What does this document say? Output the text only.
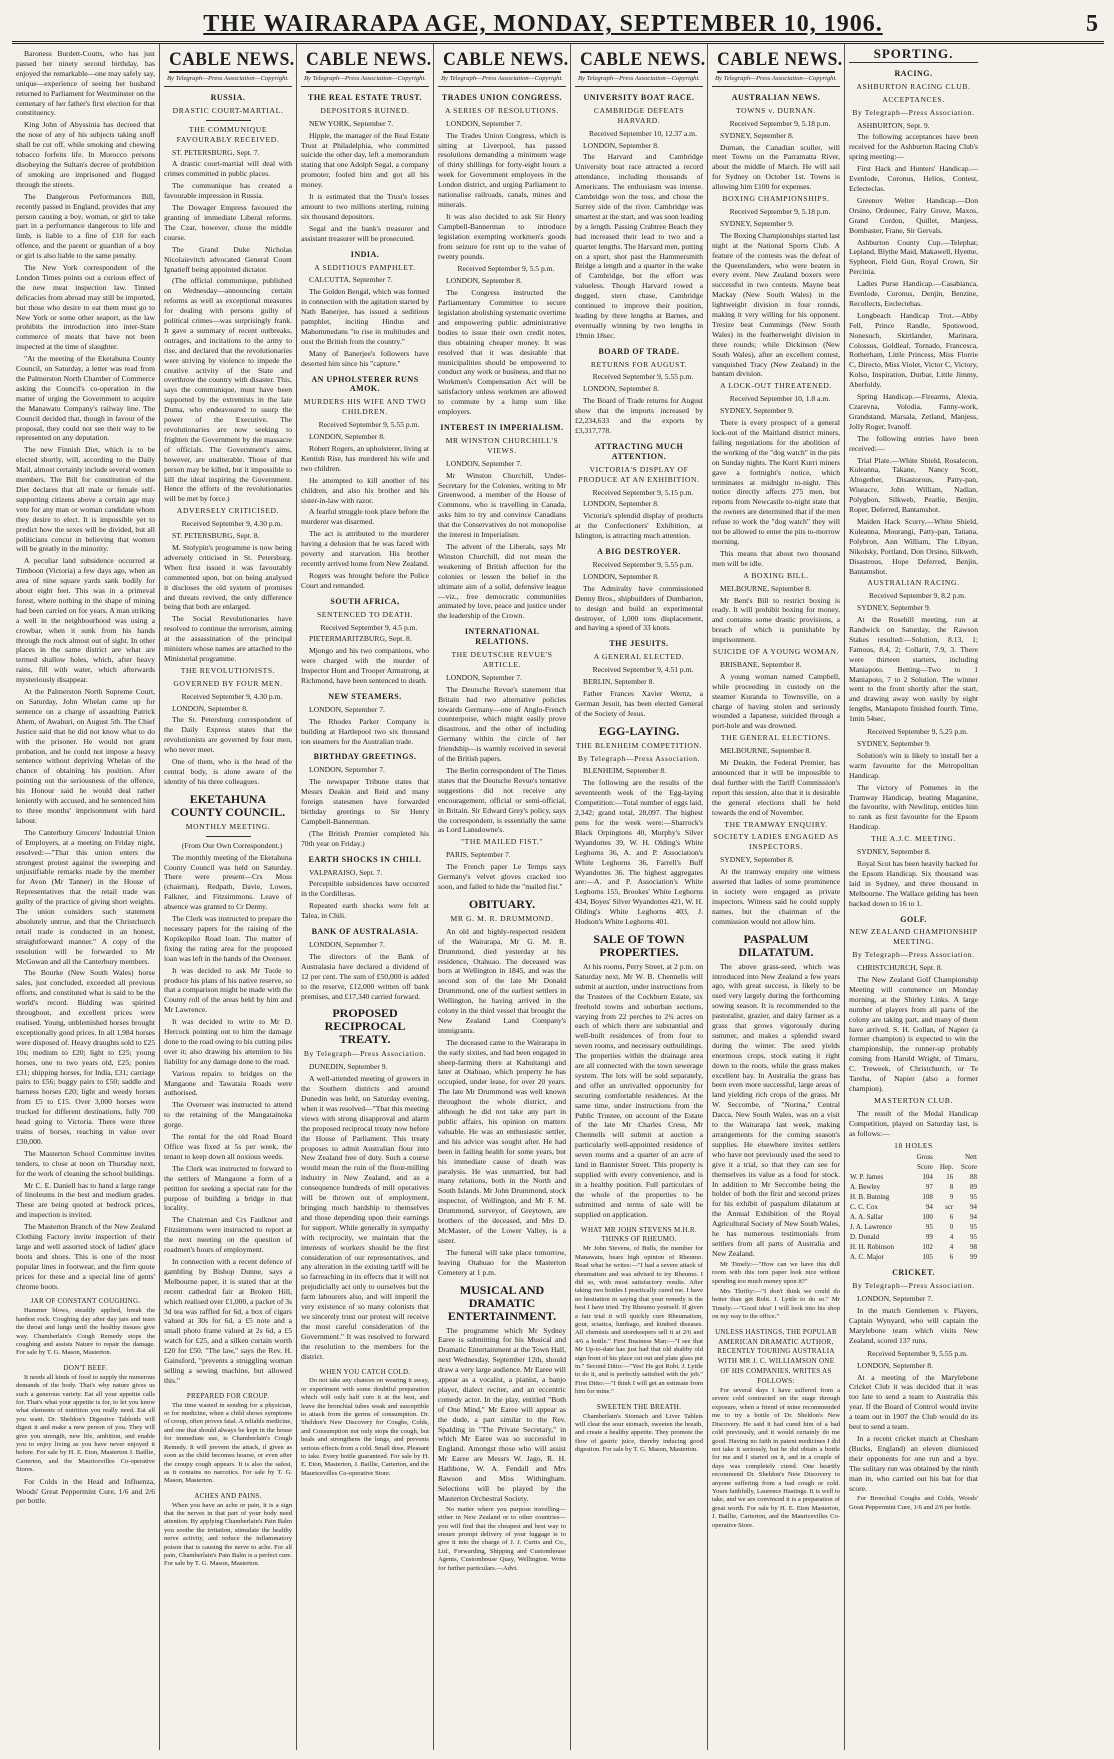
THE WAIRARAPA AGE, MONDAY, SEPTEMBER 10, 1906.	5

Baroness Burdett-Coutts, who has just passed her ninety second birthday, has enjoyed the remarkable—one may safely say, unique—experience of seeing her husband returned to Parliament for Westminster on the centenary of her father's first election for that constituency.

King John of Abyssinia has decreed that the nose of any of his subjects taking snuff shall be cut off, while smoking and chewing tobacco forfeits life. In Morocco persons disobeying the Sultan's decree of prohibition of smoking are imprisoned and flogged through the streets.

The Dangerous Performances Bill, recently passed in England, provides that any person causing a boy, woman, or girl to take part in a performance dangerous to life and limb, is liable to a fine of £10 for each offence, and the parent or guardian of a boy or girl is also liable to the same penalty.

The New York correspondent of the London Times points out a curious effect of the new meat inspection law. Tinned delicacies from abroad may still be imported, but those who desire to eat them must go to New York or some other seaport, as the law prohibits the introduction into inter-State commerce of meats that have not been inspected at the time of slaughter.

"At the meeting of the Eketahuna County Council, on Saturday, a letter was read from the Palmerston North Chamber of Commerce asking the Council's co-operation in the matter of urging the Government to acquire the Manawatu Company's railway line. The Council decided that, though in favour of the proposal, they could not see their way to be represented on any deputation.

The new Finnish Diet, which is to be elected shortly, will, according to the Daily Mail, almost certainly include several women members. The Bill for constitution of the Diet declares that all male or female self-supporting citizens above a certain age may vote for any man or woman candidate whom they desire to elect. It is impossible yet to predict how the sexes will be divided, but all politicians concur in believing that women will be greatly in the minority.

A peculiar land subsidence occurred at Timboon (Victoria) a few days ago, when an area of nine square yards sank bodily for about eight feet. This was in a primeval forest, where nothing in the shape of mining had been carried on for years. A man striking a well in the neighbourhood was using a crowbar, when it sunk from his hands through the rock almost out of sight. In other places in the same district are what are termed shallow holes, which, after heavy rains, fill with water, which afterwards mysteriously disappear.

At the Palmerston North Supreme Court, on Saturday, John Whelan came up for sentence on a charge of assaulting Patrick Ahem, of Awahuri, on August 5th. The Chief Justice said that he did not know what to do with the prisoner. He would not grant probation, and he could not impose a heavy sentence without depriving Whelan of the chance of obtaining his position. After pointing out the seriousness of the offence, his Honour said he would deal rather leniently with accused, and he sentenced him to three months' imprisonment with hard labour.

The Canterbury Grocers' Industrial Union of Employers, at a meeting on Friday night, resolved:—"That this union enters the strongest protest against the sweeping and unjustifiable remarks made by the member for Avon (Mr Tanner) in the House of Representatives that the retail trade was guilty of the practice of giving short weights. The union considers such statement absolutely untrue, and that the Christchurch retail trade is conducted in an honest, straightforward manner." A copy of the resolution will be forwarded to Mr McGowan and all the Canterbury members.

The Bourke (New South Wales) horse sales, just concluded, exceeded all previous efforts, and constituted what is said to be the world's record. Bidding was spirited throughout, and excellent prices were realised. Young, unblemished horses brought exceptionally good prices. In all 1,984 horses were disposed of. Heavy draughts sold to £25 10s; medium to £20; light to £25; young horses, one to two years old, £25; ponies £31; shipping horses, for India, £31; carriage pairs to £56; buggy pairs to £50; saddle and harness horses £20; light and weedy horses from £5 to £15. Over 3,000 horses were trucked for different destinations, fully 700 head going to Victoria. There were three trains of horses, reaching in value over £30,000.

The Masterton School Committee invites tenders, to close at noon on Thursday next, for the work of cleaning the school buildings.

Mr C. E. Daniell has to hand a large range of linoleums in the best and medium grades. These are being quoted at bedrock prices, and inspection is invited.

The Masterton Branch of the New Zealand Clothing Factory invite inspection of their large and well assorted stock of ladies' glace boots and shoes. This is one of the most popular lines in footwear, and the firm quote prices for these and a special line of gents' chrome boots.

JAR OF CONSTANT COUGHING.

Hammer blows, steadily applied, break the hardest rock. Coughing day after day jars and tears the throat and lungs until the healthy tissues give way. Chamberlain's Cough Remedy stops the coughing and assists Nature to repair the damage. For sale by T. G. Mason, Masterton.

DON'T BEEF.

It needs all kinds of food to supply the numerous demands of the body. That's why nature gives us such a generous variety. Eat all your appetite calls for. That's what your appetite is for, to let you know what elements of nutrition you really need. Eat all you want. Dr. Sheldon's Digestive Tabloids will digest it and make a new person of you. They will give you strength, new life, ambition, and enable you to enjoy living as you have never enjoyed it before. For sale by H. E. Eton, Masterton J. Baillie, Carterton, and the Mauricevilles Co-operative Stores.

For Colds in the Head and Influenza, Woods' Great Peppermint Cure, 1/6 and 2/6 per bottle.

CABLE NEWS.
By Telegraph—Press Association—Copyright.
RUSSIA.
DRASTIC COURT-MARTIAL.
THE COMMUNIQUE FAVOURABLY RECEIVED.

ST. PETERSBURG, Sept. 7.

A drastic court-martial will deal with crimes committed in public places.

The communique has created a favourable impression in Russia.

The Dowager Empress favoured the granting of immediate Liberal reforms. The Czar, however, chose the middle course.

The Grand Duke Nicholas Nicolaievitch advocated General Count Ignatieff being appointed dictator.

(The official communique, published on Wednesday—announcing certain reforms as well as exceptional measures for dealing with persons guilty of political crimes—was surprisingly frank. It gave a summary of recent outbreaks, outrages, and incitations to the army to rise, and declared that the revolutionaries were striving by violence to impede the creative activity of the State and overthrow the country with disaster. This, says the communique, must have been supported by the extremists in the late Duma, who endeavoured to usurp the power of the Executive. The revolutionaries are now seeking to frighten the Government by the massacre of officials. The Government's aims, however, are unalterable. Those of that person may be killed, but it impossible to kill the ideal inspiring the Government. Hence the efforts of the revolutionaries will be met by force.)

ADVERSELY CRITICISED.

Received September 9, 4.30 p.m.

ST. PETERSBURG, Sept. 8.

M. Stolypin's programme is now being adversely criticised in St. Petersburg. When first issued it was favourably commented upon, but on being analysed it discloses the old system of promises and threats revived, the only difference being that both are enlarged.

The Social Revolutionaries have resolved to continue the terrorism, aiming at the assassination of the principal ministers whose names are attached to the Ministerial programme.

THE REVOLUTIONISTS.
GOVERNED BY FOUR MEN.

Received September 9, 4.30 p.m.

LONDON, September 8.

The St. Petersburg correspondent of the Daily Express states that the revolutionists are governed by four men, who never meet.

One of them, who is the head of the central body, is alone aware of the identity of his three colleagues.

EKETAHUNA COUNTY COUNCIL.
MONTHLY MEETING.

(From Our Own Correspondent.)

The monthly meeting of the Eketahuna County Council was held on Saturday. There were present—Crs Moss (chairman), Redpath, Davie, Lowes, Falkner, and Fitzsimmons. Leave of absence was granted to Cr Denny.

The Clerk was instructed to prepare the necessary papers for the raising of the Kopikopiko Road loan. The matter of fixing the rating area for the proposed loan was left in the hands of the Overseer.

It was decided to ask Mr Toole to produce his plans of his native reserve, so that a comparison might be made with the County roll of the areas held by him and Mr Lawrence.

It was decided to write to Mr D. Hercock pointing out to him the damage done to the road owing to his cutting piles over it; also drawing his attention to his liability for any damage done to the road.

Various repairs to bridges on the Mangaone and Tawataia Roads were authorised.

The Overseer was instructed to attend to the retaining of the Mangatainoka gorge.

The rental for the old Road Board Office was fixed at 5s per week, the tenant to keep down all noxious weeds.

The Clerk was instructed to forward to the settlers of Mangaone a form of a petition for seeking a special rate for the purpose of building a bridge in that locality.

The Chairman and Crs Faulkner and Fitzsimmons were instructed to report at the next meeting on the question of roadmen's hours of employment.

In connection with a recent defence of gambling by Bishop Dunne, says a Melbourne paper, it is stated that at the recent cathedral fair at Broken Hill, which realised over £1,000, a packet of 3s 3d tea was raffled for 6d, a box of cigars valued at 30s for 6d, a £5 note and a small photo frame valued at 2s 6d, a £5 watch for £25, and a silken curtain worth £20 for £50. "The law," says the Rev. H. Gainsford, "prevents a struggling woman selling a sewing machine, but allowed this."

PREPARED FOR CROUP.

The time wasted in sending for a physician, or for medicine, when a child shows symptoms of croup, often proves fatal. A reliable medicine, and one that should always be kept in the house for immediate use, is Chamberlain's Cough Remedy. It will prevent the attack, if given as soon as the child becomes hoarse, or even after the croupy cough appears. It is also the safest, as it contains no narcotics. For sale by T. G. Mason, Masterton.

ACHES AND PAINS.

When you have an ache or pain, it is a sign that the nerves in that part of your body need attention. By applying Chamberlain's Pain Balm you soothe the irritation, stimulate the healthy nerve activity, and reduce the inflammatory poison that is causing the nerve to ache. For all pain, Chamberlain's Pain Balm is a perfect cure. For sale by T. G. Mason, Masterton.

CABLE NEWS.
By Telegraph—Press Association—Copyright.
THE REAL ESTATE TRUST.
DEPOSITORS RUINED.

NEW YORK, September 7.

Hipple, the manager of the Real Estate Trust at Philadelphia, who committed suicide the other day, left a memorandum stating that one Adolph Segal, a company promoter, fooled him and got all his money.

It is estimated that the Trust's losses amount to two millions sterling, ruining six thousand depositors.

Segal and the bank's treasurer and assistant treasurer will be prosecuted.

INDIA.
A SEDITIOUS PAMPHLET.

CALCUTTA, September 7.

The Golden Bengal, which was formed in connection with the agitation started by Nath Banerjee, has issued a seditious pamphlet, inciting Hindus and Mahommedans "to rise in multitudes and oust the British from the country."

Many of Banerjee's followers have deserted him since his "capture."

AN UPHOLSTERER RUNS AMOK.
MURDERS HIS WIFE AND TWO CHILDREN.

Received September 9, 5.55 p.m.

LONDON, September 8.

Robert Rogers, an upholsterer, living at Kentish Rise, has murdered his wife and two children.

He attempted to kill another of his children, and also his brother and his sister-in-law with razor.

A fearful struggle took place before the murderer was disarmed.

The act is attributed to the murderer having a delusion that he was faced with poverty and starvation. His brother recently arrived home from New Zealand.

Rogers was brought before the Police Court and remanded.

SOUTH AFRICA,
SENTENCED TO DEATH.

Received September 9, 4.5 p.m.

PIETERMARITZBURG, Sept. 8.

Mjongo and his two companions, who were charged with the murder of Inspector Hunt and Trooper Armstrong, at Richmond, have been sentenced to death.

NEW STEAMERS.

LONDON, September 7.

The Rhodes Parker Company is building at Hartlepool two six thousand ton steamers for the Australian trade.

BIRTHDAY GREETINGS.

LONDON, September 7.

The newspaper Tribune states that Messrs Deakin and Reid and many foreign statesmen have forwarded birthday greetings to Sir Henry Campbell-Bannerman.

(The British Premier completed his 70th year on Friday.)

EARTH SHOCKS IN CHILI.

VALPARAISO, Sept. 7.

Perceptible subsidences have occurred in the Cordilleras.

Repeated earth shocks were felt at Talea, in Chili.

BANK OF AUSTRALASIA.

LONDON, September 7.

The directors of the Bank of Australasia have declared a dividend of 12 per cent. The sum of £50,000 is added to the reserve, £12,000 written off bank premises, and £17,340 carried forward.

PROPOSED RECIPROCAL TREATY.
By Telegraph—Press Association.

DUNEDIN, September 9.

A well-attended meeting of growers in the Southern districts and around Dunedin was held, on Saturday evening, when it was resolved—"That this meeting views with strong disapproval and alarm the proposed reciprocal treaty now before the House of Parliament. This treaty proposes to admit Australian flour into New Zealand free of duty. Such a course would mean the ruin of the flour-milling industry in New Zealand, and as a consequence hundreds of mill operatives will be thrown out of employment, bringing much hardship to themselves and those depending upon their earnings for support. While generally in sympathy with reciprocity, we maintain that the interests of workers should be the first consideration of our representatives, and any alteration in the existing tariff will be so farreaching in its effects that it will not prejudicially act only to ourselves but the farm labourers also, and will imperil the very existence of so many colonists that we sincerely trust our protest will receive the most careful consideration of the Government." It was resolved to forward the resolution to the members for the district.

WHEN YOU CATCH COLD.

Do not take any chances on wearing it away, or experiment with some doubtful preparation which will only half cure it at the best, and leave the bronchial tubes weak and susceptible to attack from the germs of consumption. Dr. Sheldon's New Discovery for Coughs, Colds, and Consumption not only stops the cough, but heals and strengthens the lungs, and prevents serious effects from a cold. Small dose. Pleasant to take. Every bottle guaranteed. For sale by H. E. Eton, Masterton, J. Baillie, Carterton, and the Mauricevilles Co-operative Store.

CABLE NEWS.
By Telegraph—Press Association—Copyright.
TRADES UNION CONGRESS.
A SERIES OF RESOLUTIONS.

LONDON, September 7.

The Trades Union Congress, which is sitting at Liverpool, has passed resolutions demanding a minimum wage of thirty shillings for forty-eight hours a week for Government employees in the London district, and urging Parliament to nationalise railroads, canals, mines and minerals.

It was also decided to ask Sir Henry Campbell-Bannerman to introduce legislation exempting workmen's goods from seizure for rent up to the value of twenty pounds.

Received September 9, 5.5 p.m.

LONDON, September 8.

The Congress instructed the Parliamentary Committee to secure legislation abolishing systematic overtime and empowering public administrative bodies to issue their own credit notes, thus obtaining cheaper money. It was resolved that it was desirable that municipalities should be empowered to conduct any work or business, and that no Workmen's Compensation Act will be satisfactory unless workmen are allowed to commute by a lump sum like employers.

INTEREST IN IMPERIALISM.
MR WINSTON CHURCHILL'S VIEWS.

LONDON, September 7.

Mr Winston Churchill, Under-Secretary for the Colonies, writing to Mr Greenwood, a member of the House of Commons, who is travelling in Canada, asks him to try and convince Canadians that the Conservatives do not monopolise the interest in Imperialism.

The advent of the Liberals, says Mr Winston Churchill, did not mean the weakening of British affection for the colonies or lessen the belief in the ultimate aim of a solid, defensive league—viz., free democratic communities animated by love, peace and justice under the leadership of the Crown.

INTERNATIONAL RELATIONS.
THE DEUTSCHE REVUE'S ARTICLE.

LONDON, September 7.

The Deutsche Revue's statement that Britain had two alternative policies towards Germany—one of Anglo-French counterpoise, which might easily prove disastrous, and the other of including Germany within the circle of her friendship—is warmly received in several of the British papers.

The Berlin correspondent of The Times states that the Deutsche Revue's tentative suggestions did not receive any encouragement, official or semi-official, in Britain. Sir Edward Grey's policy, says the correspondent, is essentially the same as Lord Lansdowne's.

"THE MAILED FIST."

PARIS, September 7.

The French paper Le Temps says Germany's velvet gloves cracked too soon, and failed to hide the "mailed fist."

OBITUARY.
MR G. M. R. DRUMMOND.

An old and highly-respected resident of the Wairarapa, Mr G. M. R. Drummond, died yesterday at his residence, Otahuao. The deceased was born at Wellington in 1845, and was the second son of the late Mr Donald Drummond, one of the earliest settlers in Wellington, he having arrived in the colony in the third vessel that brought the New Zealand Land Company's immigrants.

The deceased came to the Wairarapa in the early sixties, and had been engaged in sheep-farming there at Kahuitangi and later at Otahuao, which property he has occupied, under lease, for over 20 years. The late Mr Drummond was well known throughout the whole district, and although he did not take any part in public affairs, his opinion on matters valuable. He was an enthusiastic settler, and his advice was sought after. He had been in failing health for some years, but his immediate cause of death was paralysis. He was unmarried, but had many relations, both in the North and South Islands. Mr John Drummond, stock inspector, of Wellington, and Mr F. M. Drummond, surveyor, of Greytown, are brothers of the deceased, and Mrs D. McMaster, of the Lower Valley, is a sister.

The funeral will take place tomorrow, leaving Otahuao for the Masterton Cemetery at 1 p.m.

MUSICAL AND DRAMATIC ENTERTAINMENT.

The programme which Mr Sydney Earee is submitting for his Musical and Dramatic Entertainment at the Town Hall, next Wednesday, September 12th, should draw a very large audience. Mr Earee will appear as a vocalist, a pianist, a banjo player, dialect reciter, and an eccentric comedy actor. In the play, entitled "Both of One Mind," Mr Earee will appear as the dude, a part similar to the Rev. Spalding in "The Private Secretary," in which Mr Earee was so successful in England. Amongst those who will assist Mr Earee are Messrs W. Jago, R. H. Hathbone, W. A. Fendall and Mrs Rawson and Miss Withingham. Selections will be played by the Masterton Orchestral Society.

No matter where you purpose travelling—either in New Zealand or to other countries—you will find that the cheapest and best way to ensure prompt delivery of your luggage is to give it into the charge of J. J. Curtis and Co., Ltd., Forwarding, Shipping and Customhouse Agents, Customhouse Quay, Wellington. Write for further particulars.—Advt.

CABLE NEWS.
By Telegraph—Press Association—Copyright.
UNIVERSITY BOAT RACE.
CAMBRIDGE DEFEATS HARVARD.

Received September 10, 12.37 a.m.

LONDON, September 8.

The Harvard and Cambridge University boat race attracted a record attendance, including thousands of Americans. The enthusiasm was intense. Cambridge won the toss, and chose the Surrey side of the river. Cambridge was smartest at the start, and was soon leading by a length. Passing Crabtree Beach they had increased their lead to two and a quarter lengths. The Harvard men, putting on a spurt, shot past the Hammersmith Bridge a length and a quarter in the wake of Cambridge, but the effort was valueless. Though Harvard rowed a dogged, stern chase, Cambridge continued to improve their position, leading by three lengths at Barnes, and eventually winning by two lengths in 19min 18sec.

BOARD OF TRADE.
RETURNS FOR AUGUST.

Received September 9, 5.55 p.m.

LONDON, September 8.

The Board of Trade returns for August show that the imports increased by £2,234,633 and the exports by £3,317,778.

ATTRACTING MUCH ATTENTION.
VICTORIA'S DISPLAY OF PRODUCE AT AN EXHIBITION.

Received September 9, 5.15 p.m.

LONDON, September 8.

Victoria's splendid display of products at the Confectioners' Exhibition, at Islington, is attracting much attention.

A BIG DESTROYER.

Received September 9, 5.55 p.m.

LONDON, September 8.

The Admiralty have commissioned Denny Bros., shipbuilders of Dumbarton, to design and build an experimental destroyer, of 1,000 tons displacement, and having a speed of 33 knots.

THE JESUITS.
A GENERAL ELECTED.

Received September 9, 4.51 p.m.

BERLIN, September 8.

Father Frances Xavier Wernz, a German Jesuit, has been elected General of the Society of Jesus.

EGG-LAYING.
THE BLENHEIM COMPETITION.
By Telegraph—Press Association.

BLENHEIM, September 8.

The following are the results of the seventeenth week of the Egg-laying Competition:—Total number of eggs laid, 2,342; grand total, 28,097. The highest pens for the week were:—Sharrock's Black Orpingtons 40, Murphy's Silver Wyandottes 39, W. H. Olding's White Leghorns 36, A. and P. Association's White Leghorns 36, Farrell's Buff Wyandottes 36. The highest aggregates are:—A. and P. Association's White Leghorns 155, Brookes' White Leghorns 434, Boyes' Silver Wyandottes 421, W. H. Olding's White Leghorns 403, J. Hodson's White Leghorns 401.

SALE OF TOWN PROPERTIES.

At his rooms, Perry Street, at 2 p.m. on Saturday next, Mr W. B. Chennells will submit at auction, under instructions from the Trustees of the Cockburn Estate, six freehold towns and suburban sections, varying from 22 perches to 2¾ acres on each of which there are substantial and well-built residences of from four to seven rooms, and necessary outbuildings. The properties within the drainage area are all connected with the town sewerage system. The lots will be sold separately, and offer an unrivalled opportunity for securing comfortable residences. At the same time, under instructions from the Public Trustee, on account of the Estate of the late Mr Charles Cress, Mr Chennells will submit at auction a particularly well-appointed residence of seven rooms and a quarter of an acre of land in Bannister Street. This property is supplied with every convenience, and is in a healthy position. Full particulars of the whole of the properties to be submitted and terms of sale will be supplied on application.

WHAT MR JOHN STEVENS M.H.R. THINKS OF RHEUMO.

Mr John Stevens, of Bulls, the member for Manawatu, bears high opinion of Rheumo. Read what he writes:—"I had a severe attack of rheumatism and was advised to try Rheumo. I did so, with most satisfactory results. After taking two bottles I practically cured me. I have no hesitation in saying that your remedy is the best I have tried. Try Rheumo yourself. If given a fair trial it will quickly cure Rheumatism, gout, sciatica, lumbago, and kindred diseases. All chemists and storekeepers sell it at 2/6 and 4/6 a bottle." First Business Man:—"I see that Mr Up-to-date has just had that old shabby old sign front of his place cut out and plate glass put in." Second Ditto:—"Yes! He got Robt. J. Lyttle to do it, and is perfectly satisfied with the job." First Ditto:—"I think I will get an estimate from him for mine."

SWEETEN THE BREATH.

Chamberlain's Stomach and Liver Tablets will clear the sour stomach, sweeten the breath, and create a healthy appetite. They promote the flow of gastric juice, thereby inducing good digestion. For sale by T. G. Mason, Masterton.

CABLE NEWS.
By Telegraph—Press Association—Copyright.
AUSTRALIAN NEWS.
TOWNS v. DURNAN.

Received September 9, 5.18 p.m.

SYDNEY, September 8.

Durnan, the Canadian sculler, will meet Towns on the Parramatta River, about the middle of March. He will sail for Sydney on October 1st. Towns is allowing him £100 for expenses.

BOXING CHAMPIONSHIPS.

Received September 9, 5.18 p.m.

SYDNEY, September 9.

The Boxing Championships started last night at the National Sports Club. A feature of the contests was the defeat of the Queenslanders, who were beaten in every event. New Zealand boxers were successful in two contests. Mayne beat Mackay (New South Wales) in the lightweight division in four rounds, making it very willing for his opponent. Tresize beat Cummings (New South Wales) in the featherweight division in three rounds; while Dickinson (New South Wales), after an excellent contest, vanquished Tracy (New Zealand) in the bantam division.

A LOCK-OUT THREATENED.

Received September 10, 1.8 a.m.

SYDNEY, September 9.

There is every prospect of a general lock-out of the Maitland district miners, failing negotiations for the abolition of the working of the "dog watch" in the pits on Sunday nights. The Kurri Kurri miners gave a fortnight's notice, which terminates at midnight to-night. This notice directly affects 275 men, but reports from Newcastle to-night state that the owners are determined that if the men refuse to work the "dog watch" they will not be allowed to enter the pits to-morrow morning.

This means that about two thousand men will be idle.

A BOXING BILL.

MELBOURNE, September 8.

Mr Bent's Bill to restrict boxing is ready. It will prohibit boxing for money, and contains some drastic provisions, a breach of which is punishable by imprisonment.

SUICIDE OF A YOUNG WOMAN.

BRISBANE, September 8.

A young woman named Campbell, while proceeding in custody on the steamer Kuranda to Townsville, on a charge of having stolen and seriously wounded a Japanese, suicided through a port-hole and was drowned.

THE GENERAL ELECTIONS.

MELBOURNE, September 8.

Mr Deakin, the Federal Premier, has announced that it will be impossible to deal further with the Tariff Commission's report this session, also that it is desirable the general elections shall be held towards the end of November.

THE TRAMWAY ENQUIRY.
SOCIETY LADIES ENGAGED AS INSPECTORS.

SYDNEY, September 8.

At the tramway enquiry one witness asserted that ladies of some prominence in society were engaged as private inspectors. Witness said he could supply names, but the chairman of the commission would not allow him.

PASPALUM DILATATUM.

The above grass-seed, which was introduced into New Zealand a few years ago, with great success, is likely to be used very largely during the forthcoming sowing season. It is recommended to the pastoralist, grazier, and dairy farmer as a grass that grows vigorously during summer, and makes a splendid sward during the winter. The seed yields enormous crops, stock eating it right down to the roots, while the grass makes excellent hay. In Australia the grass has been even more successful, large areas of land yielding rich crops of the grass. Mr W. Seccombe, of "Norma," Central Dacca, New South Wales, was on a visit to the Wairarapa last week, making arrangements for the coming season's supplies. He elsewhere invites settlers who have not previously used the seed to give it a trial, so that they can see for themselves its value as a food for stock. In addition to Mr Seccombe being the holder of both the first and second prizes for his exhibit of paspalum dilatatum at the Annual Exhibition of the Royal Agricultural Society of New South Wales, he has numerous testimonials from settlers from all parts of Australia and New Zealand.

Mr Timely:—"How can we have this dull room with this torn paper look nice without spending too much money upon it?"

Mrs Thrifty:—"I don't think we could do better than get Robt. J. Lyttle to do so." Mr Timely:—"Good idea! I will look into his shop on my way to the office."

UNLESS HASTINGS, THE POPULAR AMERICAN DRAMATIC AUTHOR, RECENTLY TOURING AUSTRALIA WITH MR J. C. WILLIAMSON ONE OF HIS COMPANIES, WRITES AS FOLLOWS:

For several days I have suffered from a severe cold contracted on the stage through exposure, when a friend of mine recommended me to try a bottle of Dr. Sheldon's New Discovery. He said it had cured him of a bad cold previously, and it would certainly do me good. Having no faith in patent medicines I did not take it seriously, but he did obtain a bottle for me and I started on it, and in a couple of days was completely cured. One heartily recommend Dr. Sheldon's New Discovery to anyone suffering from a bad cough or cold. Yours faithfully, Laurence Hastings. It is well to take, and we are convinced it is a preparation of great worth. For sale by H. E. Eton Masterton, J. Baillie, Carterton, and the Mauricevilles Co-operative Store.

SPORTING.
RACING.
ASHBURTON RACING CLUB.
ACCEPTANCES.
By Telegraph—Press Association.

ASHBURTON, Sept. 9.

The following acceptances have been received for the Ashburton Racing Club's spring meeting:—

First Hack and Hunters' Handicap.—Evenlode, Coronus, Helios, Contest, Eclecteclas.

Greenov Welter Handicap.—Don Orsino, Ordeonec, Fairy Grove, Maxos, Grand Cordon, Quillet, Manjess, Bombaster, Frane, Sir Gervals.

Ashburton County Cup.—Telephar, Lepland, Blythe Maid, Makawell, Hyeme, Sypheon, Field Gun, Royal Crown, Sir Percinia.

Ladies Purse Handicap.—Casabianca, Evenlode, Coronus, Denjin, Benzine, Recollects, Eeclectebas.

Longbeach Handicap Trot.—Abby Fell, Prince Randle, Spotswood, Nonesuch, Skirtlander, Marinara, Colossus, Goldleaf, Tornado, Francesca, Rotherham, Little Princess, Miss Florrie C, Directo, Miss Violet, Victor C, Victory, Kolso, Inspiration, Durbar, Little Jimmy, Aberfoldy.

Spring Handicap.—Firearms, Alexia, Czarevna, Volodia, Fanny-work, Grandstand, Marsala, Zetland, Manjess, Jolly Roger, Ivanoff.

The following entries have been received:—

Trial Plate.—White Shield, Rosalecon, Kuleanna, Takane, Nancy Scott, Altogether, Disastorous, Patty-pan, Wiseacre, John William, Nadian, Polygbon, Silkweb, Pearlie, Benjin, Roper, Deferred, Bantamshot.

Maiden Hack Scurry.—White Shield, Kuleanna, Mourangi, Patty-pan, Tatiana, Polybron, Ann William, The Libyan, Nikolsky, Portland, Don Orsino, Silkweb, Disastrous, Hope Deferred, Benjin, Bantamshot.

AUSTRALIAN RACING.

Received September 9, 8.2 p.m.

SYDNEY, September 9.

At the Rosehill meeting, run at Randwick on Saturday, the Rawson Stakes resulted:—Solution, 8.13, 1; Famous, 8.4, 2; Collarit, 7.9, 3. There were thirteen starters, including Maniapoto. Betting—Two to 1 Maniapoto, 7 to 2 Solution. The winner went to the front shortly after the start, and drawing away won easily by eight lengths, Maniapoto finished fourth. Time, 1min 54sec.

Received September 9, 5.25 p.m.

SYDNEY, September 9.

Solution's win is likely to install her a warm favourite for the Metropolitan Handicap.

The victory of Pomenes in the Tramway Handicap, beating Maganine, the favourite, with Newlitup, entitles him to rank as first favourite for the Epsom Handicap.

THE A.J.C. MEETING.

SYDNEY, September 8.

Royal Scot has been heavily backed for the Epsom Handicap. Six thousand was laid in Sydney, and three thousand in Melbourne. The Wallace gelding has been backed down to 16 to 1.

GOLF.
NEW ZEALAND CHAMPIONSHIP MEETING.
By Telegraph—Press Association.

CHRISTCHURCH, Sept. 8.

The New Zealand Golf Championship Meeting will commence on Monday morning, at the Shirley Links. A large number of players from all parts of the colony are taking part, and many of them have arrived. S. H. Gollan, of Napier (a former champion) is expected to win the championship, the runner-up probably coming from Harold Wright, of Timaru, C. Treweek, of Christchurch, or Te Tareha, of Napier (also a former champion).

MASTERTON CLUB.

The result of the Medal Handicap Competition, played on Saturday last, is as follows:—

18 HOLES
	Gross		Nett
	Score	Hep.	Score
W. P. James	104	16	88
A. Bewley	97	8	89
H. B. Bunting	108	9	95
C. C. Cox	94	scr	94
A. A. Sallar	100	6	94
J. A. Lawrence	95	0	95
D. Donald	99	4	95
H. H. Robinson	102	4	98
A. C. Major	105	6	99
CRICKET.
By Telegraph—Press Association.

LONDON, September 7.

In the match Gentlemen v. Players, Captain Wynyard, who will captain the Marylebone team which visits New Zealand, scored 137 runs.

Received September 9, 5.55 p.m.

LONDON, September 8.

At a meeting of the Marylebone Cricket Club it was decided that it was too late to send a team to Australia this year. If the Board of Control would invite a team out in 1907 the Club would do its best to send a team.

In a recent cricket match at Chesham (Bucks, England) an eleven dismissed their opponents for one run and a bye. The solitary run was obtained by the ninth man in, who carried out his bat for that score.

For Bronchial Coughs and Colds, Woods' Great Peppermint Cure, 1/6 and 2/6 per bottle.
